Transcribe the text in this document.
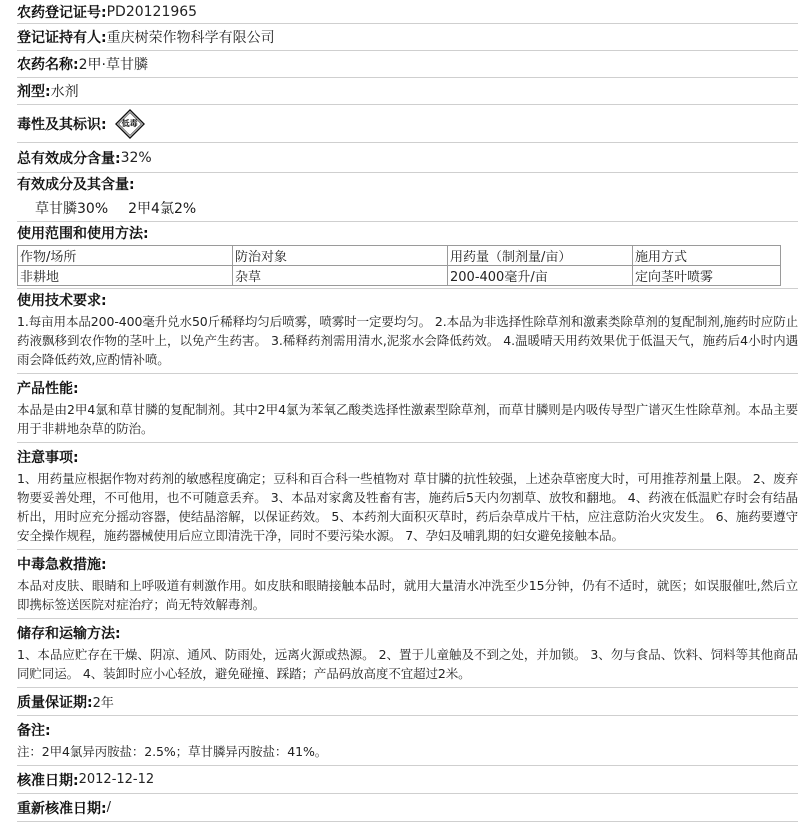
农药登记证号: PD20121965
登记证持有人: 重庆树荣作物科学有限公司
农药名称: 2甲·草甘膦
剂型: 水剂
毒性及其标识:	低毒
总有效成分含量: 32%
有效成分及其含量:
草甘膦30% 2甲4氯2%
使用范围和使用方法:
作物/场所	防治对象	用药量（制剂量/亩）	施用方式
非耕地	杂草	200-400毫升/亩	定向茎叶喷雾
使用技术要求:
1.每亩用本品200-400毫升兑水50斤稀释均匀后喷雾，喷雾时一定要均匀。 2.本品为非选择性除草剂和激素类除草剂的复配制剂,施药时应防止药液飘移到农作物的茎叶上，以免产生药害。 3.稀释药剂需用清水,泥浆水会降低药效。 4.温暖晴天用药效果优于低温天气，施药后4小时内遇雨会降低药效,应酌情补喷。
产品性能:
本品是由2甲4氯和草甘膦的复配制剂。其中2甲4氯为苯氧乙酸类选择性激素型除草剂，而草甘膦则是内吸传导型广谱灭生性除草剂。本品主要用于非耕地杂草的防治。
注意事项:
1、用药量应根据作物对药剂的敏感程度确定；豆科和百合科一些植物对 草甘膦的抗性较强，上述杂草密度大时，可用推荐剂量上限。 2、废弃物要妥善处理，不可他用，也不可随意丢弃。 3、本品对家禽及牲畜有害，施药后5天内勿割草、放牧和翻地。 4、药液在低温贮存时会有结晶析出，用时应充分摇动容器，使结晶溶解，以保证药效。 5、本药剂大面积灭草时，药后杂草成片干枯，应注意防治火灾发生。 6、施药要遵守安全操作规程，施药器械使用后应立即清洗干净，同时不要污染水源。 7、孕妇及哺乳期的妇女避免接触本品。
中毒急救措施:
本品对皮肤、眼睛和上呼吸道有刺激作用。如皮肤和眼睛接触本品时，就用大量清水冲洗至少15分钟，仍有不适时，就医；如误服催吐,然后立即携标签送医院对症治疗；尚无特效解毒剂。
储存和运输方法:
1、本品应贮存在干燥、阴凉、通风、防雨处，远离火源或热源。 2、置于儿童触及不到之处，并加锁。 3、勿与食品、饮料、饲料等其他商品同贮同运。 4、装卸时应小心轻放，避免碰撞、踩踏；产品码放高度不宜超过2米。
质量保证期: 2年
备注:
注：2甲4氯异丙胺盐：2.5%；草甘膦异丙胺盐：41%。
核准日期: 2012-12-12
重新核准日期: /
